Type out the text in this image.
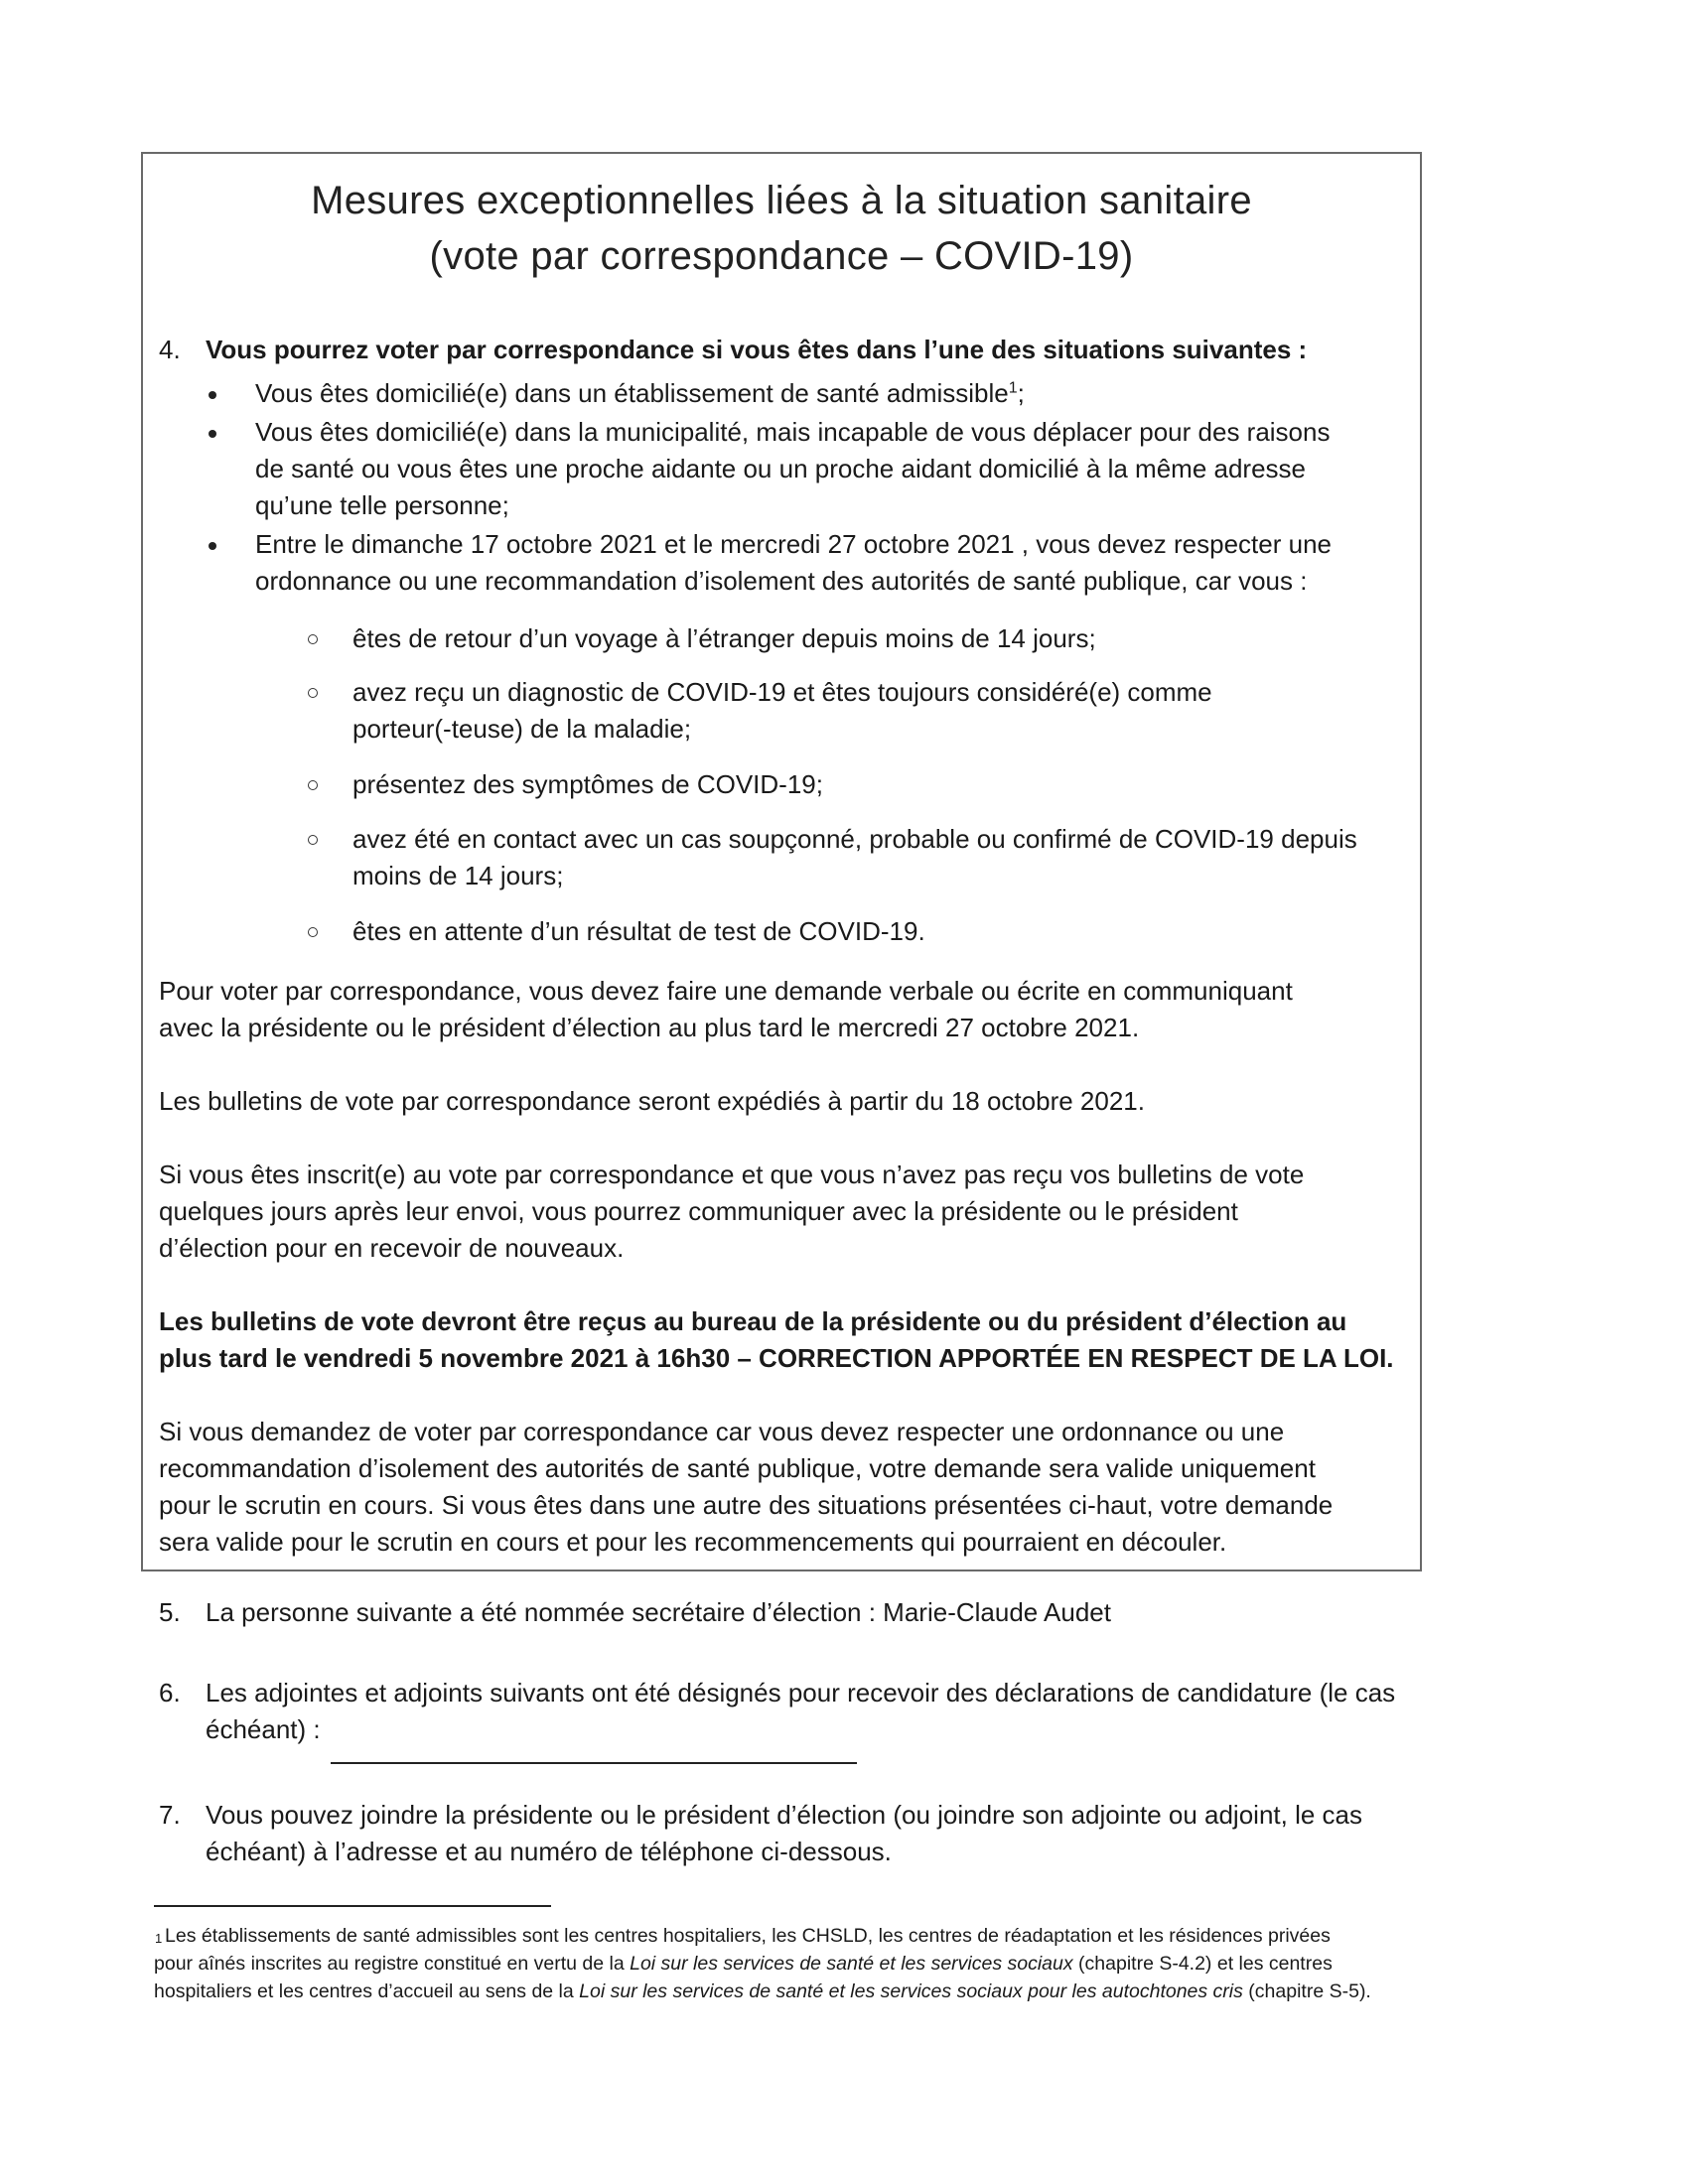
Mesures exceptionnelles liées à la situation sanitaire
(vote par correspondance – COVID-19)
4. Vous pourrez voter par correspondance si vous êtes dans l’une des situations suivantes :
Vous êtes domicilié(e) dans un établissement de santé admissible$^1$;
Vous êtes domicilié(e) dans la municipalité, mais incapable de vous déplacer pour des raisons
de santé ou vous êtes une proche aidante ou un proche aidant domicilié à la même adresse
qu’une telle personne;
Entre le dimanche 17 octobre 2021 et le mercredi 27 octobre 2021 , vous devez respecter une
ordonnance ou une recommandation d’isolement des autorités de santé publique, car vous :
êtes de retour d’un voyage à l’étranger depuis moins de 14 jours;
avez reçu un diagnostic de COVID-19 et êtes toujours considéré(e) comme
porteur(-teuse) de la maladie;
présentez des symptômes de COVID-19;
avez été en contact avec un cas soupçonné, probable ou confirmé de COVID-19 depuis
moins de 14 jours;
êtes en attente d’un résultat de test de COVID-19.
Pour voter par correspondance, vous devez faire une demande verbale ou écrite en communiquant
avec la présidente ou le président d’élection au plus tard le mercredi 27 octobre 2021.
Les bulletins de vote par correspondance seront expédiés à partir du 18 octobre 2021.
Si vous êtes inscrit(e) au vote par correspondance et que vous n’avez pas reçu vos bulletins de vote
quelques jours après leur envoi, vous pourrez communiquer avec la présidente ou le président
d’élection pour en recevoir de nouveaux.
Les bulletins de vote devront être reçus au bureau de la présidente ou du président d’élection au
plus tard le vendredi 5 novembre 2021 à 16h30 – CORRECTION APPORTÉE EN RESPECT DE LA LOI.
Si vous demandez de voter par correspondance car vous devez respecter une ordonnance ou une
recommandation d’isolement des autorités de santé publique, votre demande sera valide uniquement
pour le scrutin en cours. Si vous êtes dans une autre des situations présentées ci-haut, votre demande
sera valide pour le scrutin en cours et pour les recommencements qui pourraient en découler.
5. La personne suivante a été nommée secrétaire d’élection : Marie-Claude Audet
6. Les adjointes et adjoints suivants ont été désignés pour recevoir des déclarations de candidature (le cas
échéant) :
7. Vous pouvez joindre la présidente ou le président d’élection (ou joindre son adjointe ou adjoint, le cas
échéant) à l’adresse et au numéro de téléphone ci-dessous.
1 Les établissements de santé admissibles sont les centres hospitaliers, les CHSLD, les centres de réadaptation et les résidences privées
pour aînés inscrites au registre constitué en vertu de la Loi sur les services de santé et les services sociaux (chapitre S-4.2) et les centres
hospitaliers et les centres d’accueil au sens de la Loi sur les services de santé et les services sociaux pour les autochtones cris (chapitre S-5).
